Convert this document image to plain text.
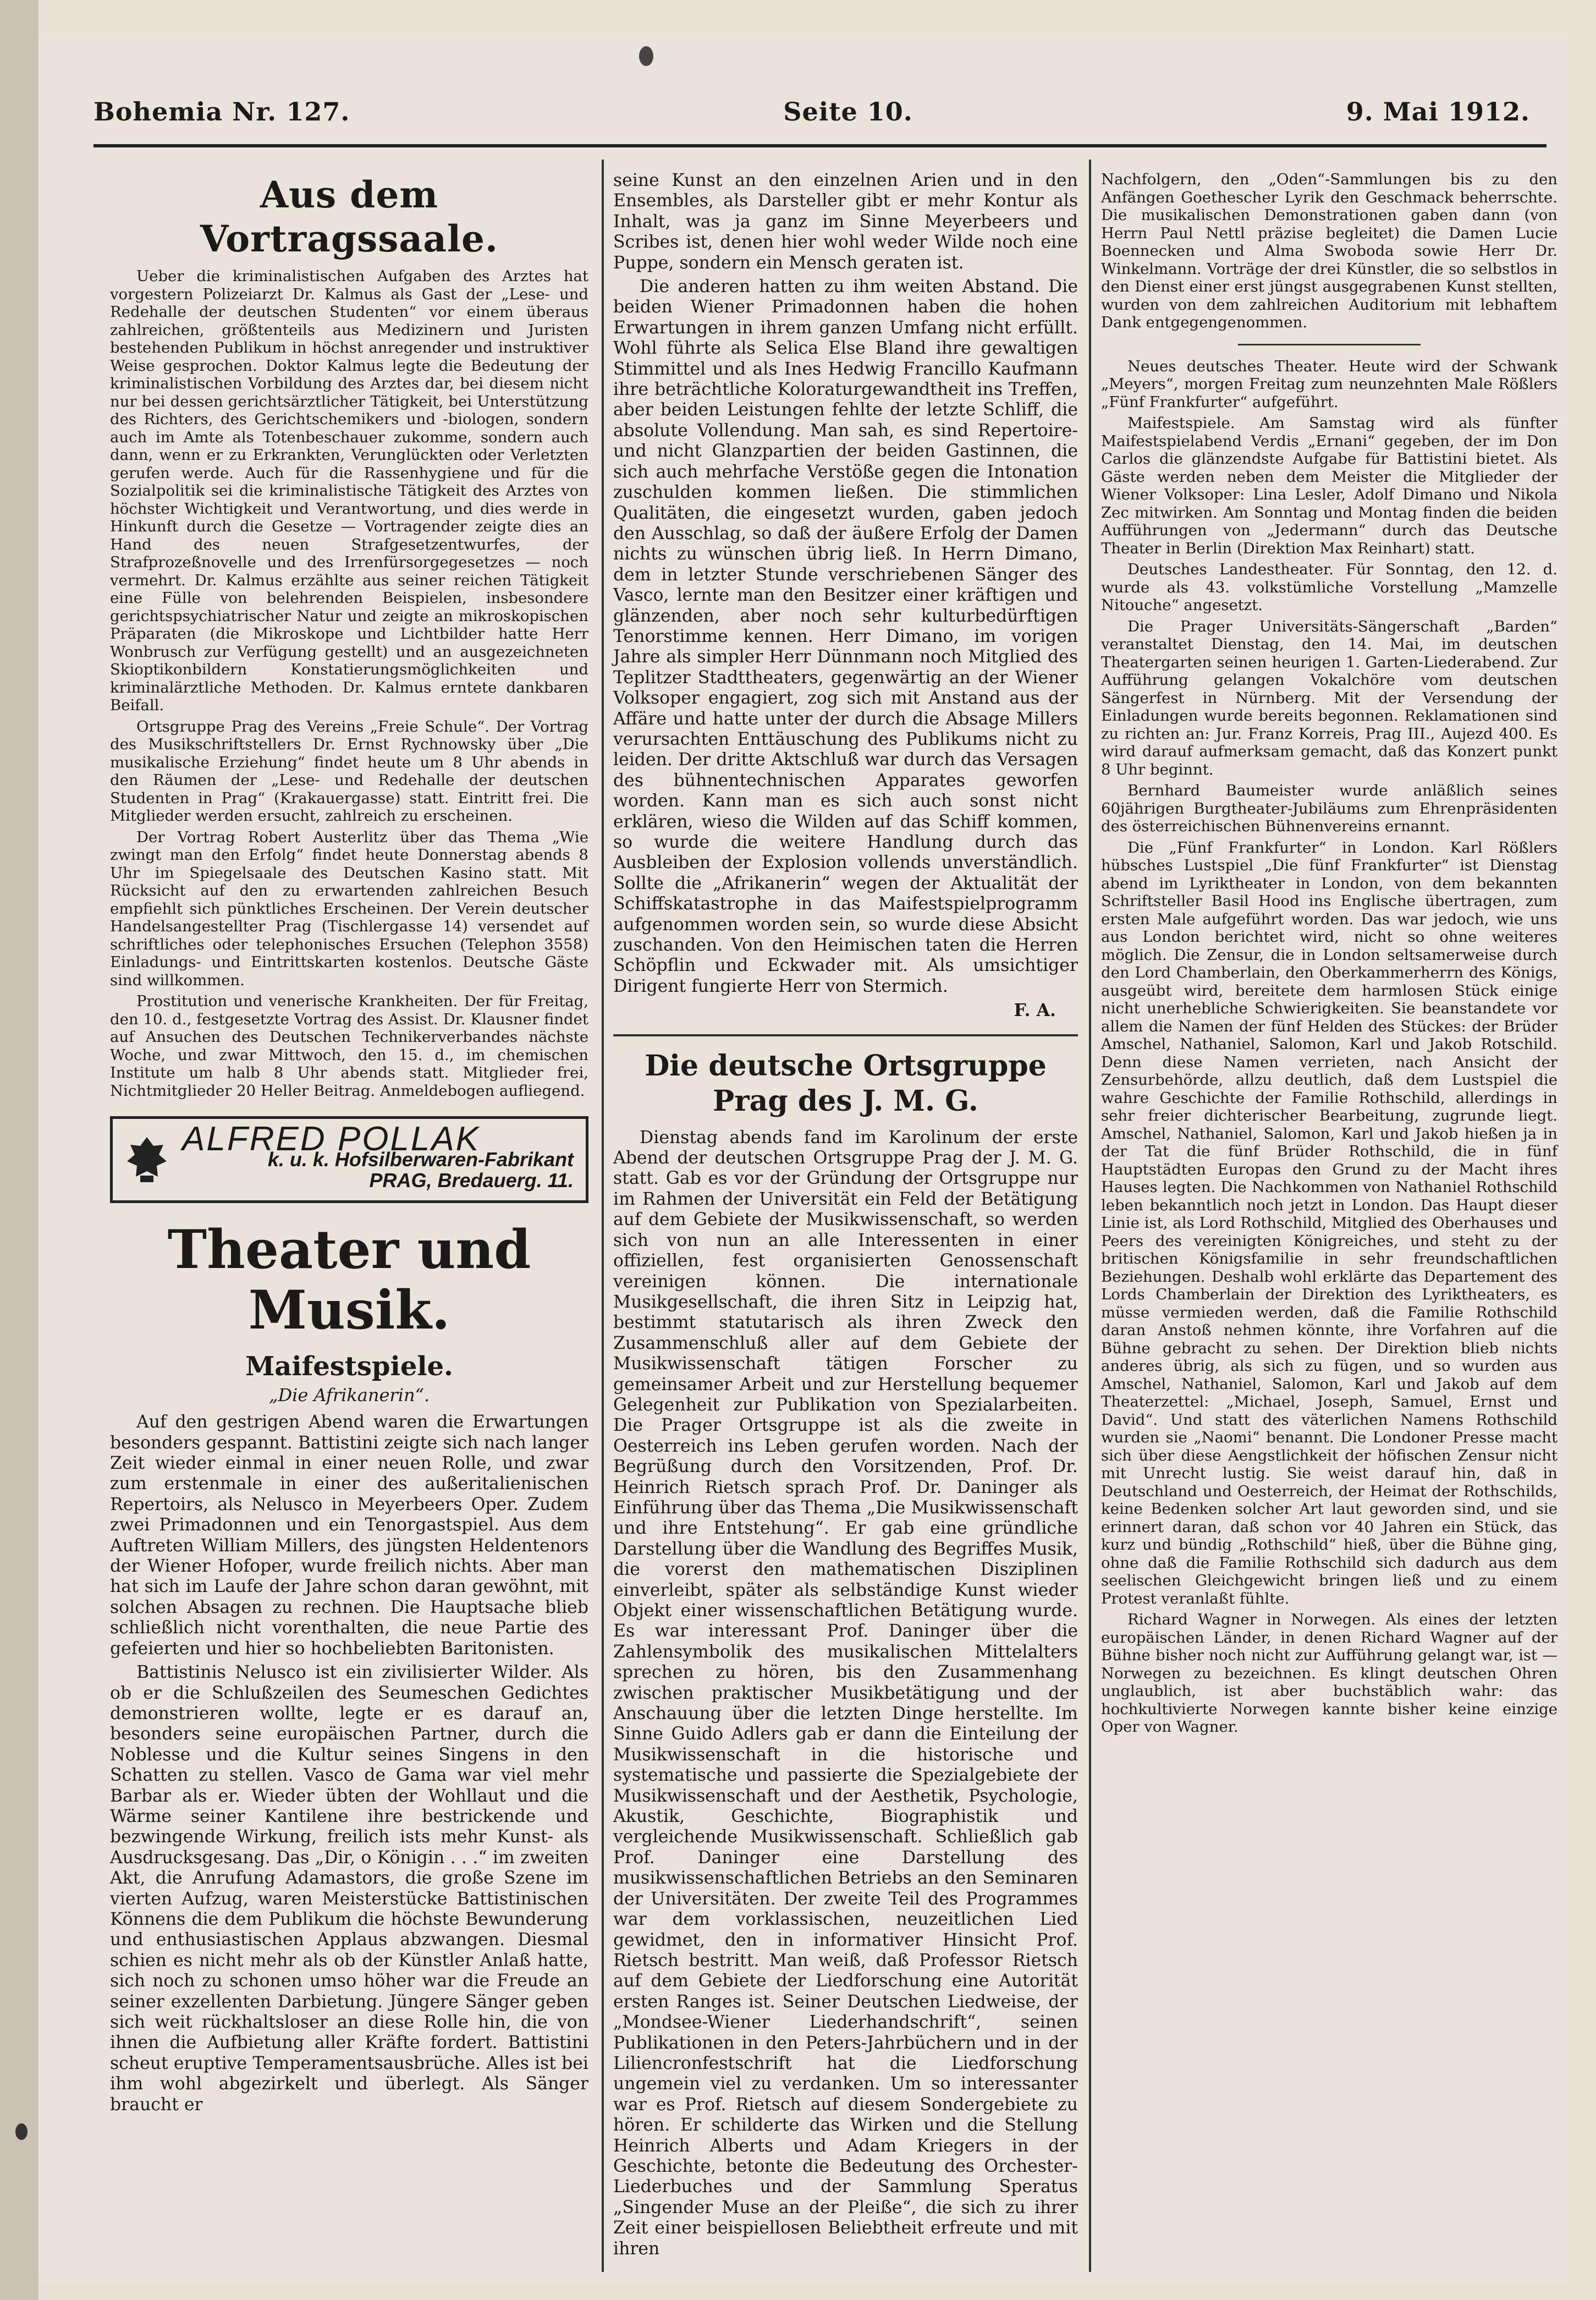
Bohemia Nr. 127.	Seite 10.	9. Mai 1912.
Aus dem Vortragssaale.

Ueber die kriminalistischen Aufgaben des Arztes hat vorgestern Polizeiarzt Dr. Kalmus als Gast der „Lese- und Redehalle der deutschen Studenten“ vor einem überaus zahlreichen, größtenteils aus Medizinern und Juristen bestehenden Publikum in höchst anregender und instruktiver Weise gesprochen. Doktor Kalmus legte die Bedeutung der kriminalistischen Vorbildung des Arztes dar, bei diesem nicht nur bei dessen gerichtsärztlicher Tätigkeit, bei Unterstützung des Richters, des Gerichtschemikers und -biologen, sondern auch im Amte als Totenbeschauer zukomme, sondern auch dann, wenn er zu Erkrankten, Verunglückten oder Verletzten gerufen werde. Auch für die Rassenhygiene und für die Sozialpolitik sei die kriminalistische Tätigkeit des Arztes von höchster Wichtigkeit und Verantwortung, und dies werde in Hinkunft durch die Gesetze — Vortragender zeigte dies an Hand des neuen Strafgesetzentwurfes, der Strafprozeßnovelle und des Irrenfürsorgegesetzes — noch vermehrt. Dr. Kalmus erzählte aus seiner reichen Tätigkeit eine Fülle von belehrenden Beispielen, insbesondere gerichtspsychiatrischer Natur und zeigte an mikroskopischen Präparaten (die Mikroskope und Lichtbilder hatte Herr Wonbrusch zur Verfügung gestellt) und an ausgezeichneten Skioptikonbildern Konstatierungsmöglichkeiten und kriminalärztliche Methoden. Dr. Kalmus erntete dankbaren Beifall.

Ortsgruppe Prag des Vereins „Freie Schule“. Der Vortrag des Musikschriftstellers Dr. Ernst Rychnowsky über „Die musikalische Erziehung“ findet heute um 8 Uhr abends in den Räumen der „Lese- und Redehalle der deutschen Studenten in Prag“ (Krakauergasse) statt. Eintritt frei. Die Mitglieder werden ersucht, zahlreich zu erscheinen.

Der Vortrag Robert Austerlitz über das Thema „Wie zwingt man den Erfolg“ findet heute Donnerstag abends 8 Uhr im Spiegelsaale des Deutschen Kasino statt. Mit Rücksicht auf den zu erwartenden zahlreichen Besuch empfiehlt sich pünktliches Erscheinen. Der Verein deutscher Handelsangestellter Prag (Tischlergasse 14) versendet auf schriftliches oder telephonisches Ersuchen (Telephon 3558) Einladungs- und Eintrittskarten kostenlos. Deutsche Gäste sind willkommen.

Prostitution und venerische Krankheiten. Der für Freitag, den 10. d., festgesetzte Vortrag des Assist. Dr. Klausner findet auf Ansuchen des Deutschen Technikerverbandes nächste Woche, und zwar Mittwoch, den 15. d., im chemischen Institute um halb 8 Uhr abends statt. Mitglieder frei, Nichtmitglieder 20 Heller Beitrag. Anmeldebogen aufliegend.

ALFRED POLLAK
k. u. k. Hofsilberwaren-Fabrikant
PRAG, Bredauerg. 11.
Theater und Musik.
Maifestspiele.
„Die Afrikanerin“.

Auf den gestrigen Abend waren die Erwartungen besonders gespannt. Battistini zeigte sich nach langer Zeit wieder einmal in einer neuen Rolle, und zwar zum erstenmale in einer des außeritalienischen Repertoirs, als Nelusco in Meyerbeers Oper. Zudem zwei Primadonnen und ein Tenorgastspiel. Aus dem Auftreten William Millers, des jüngsten Heldentenors der Wiener Hofoper, wurde freilich nichts. Aber man hat sich im Laufe der Jahre schon daran gewöhnt, mit solchen Absagen zu rechnen. Die Hauptsache blieb schließlich nicht vorenthalten, die neue Partie des gefeierten und hier so hochbeliebten Baritonisten.

Battistinis Nelusco ist ein zivilisierter Wilder. Als ob er die Schlußzeilen des Seumeschen Gedichtes demonstrieren wollte, legte er es darauf an, besonders seine europäischen Partner, durch die Noblesse und die Kultur seines Singens in den Schatten zu stellen. Vasco de Gama war viel mehr Barbar als er. Wieder übten der Wohllaut und die Wärme seiner Kantilene ihre bestrickende und bezwingende Wirkung, freilich ists mehr Kunst- als Ausdrucksgesang. Das „Dir, o Königin . . .“ im zweiten Akt, die Anrufung Adamastors, die große Szene im vierten Aufzug, waren Meisterstücke Battistinischen Könnens die dem Publikum die höchste Bewunderung und enthusiastischen Applaus abzwangen. Diesmal schien es nicht mehr als ob der Künstler Anlaß hatte, sich noch zu schonen umso höher war die Freude an seiner exzellenten Darbietung. Jüngere Sänger geben sich weit rückhaltsloser an diese Rolle hin, die von ihnen die Aufbietung aller Kräfte fordert. Battistini scheut eruptive Temperamentsausbrüche. Alles ist bei ihm wohl abgezirkelt und überlegt. Als Sänger braucht er

seine Kunst an den einzelnen Arien und in den Ensembles, als Darsteller gibt er mehr Kontur als Inhalt, was ja ganz im Sinne Meyerbeers und Scribes ist, denen hier wohl weder Wilde noch eine Puppe, sondern ein Mensch geraten ist.

Die anderen hatten zu ihm weiten Abstand. Die beiden Wiener Primadonnen haben die hohen Erwartungen in ihrem ganzen Umfang nicht erfüllt. Wohl führte als Selica Else Bland ihre gewaltigen Stimmittel und als Ines Hedwig Francillo Kaufmann ihre beträchtliche Koloraturgewandtheit ins Treffen, aber beiden Leistungen fehlte der letzte Schliff, die absolute Vollendung. Man sah, es sind Repertoire- und nicht Glanzpartien der beiden Gastinnen, die sich auch mehrfache Verstöße gegen die Intonation zuschulden kommen ließen. Die stimmlichen Qualitäten, die eingesetzt wurden, gaben jedoch den Ausschlag, so daß der äußere Erfolg der Damen nichts zu wünschen übrig ließ. In Herrn Dimano, dem in letzter Stunde verschriebenen Sänger des Vasco, lernte man den Besitzer einer kräftigen und glänzenden, aber noch sehr kulturbedürftigen Tenorstimme kennen. Herr Dimano, im vorigen Jahre als simpler Herr Dünnmann noch Mitglied des Teplitzer Stadttheaters, gegenwärtig an der Wiener Volksoper engagiert, zog sich mit Anstand aus der Affäre und hatte unter der durch die Absage Millers verursachten Enttäuschung des Publikums nicht zu leiden. Der dritte Aktschluß war durch das Versagen des bühnentechnischen Apparates geworfen worden. Kann man es sich auch sonst nicht erklären, wieso die Wilden auf das Schiff kommen, so wurde die weitere Handlung durch das Ausbleiben der Explosion vollends unverständlich. Sollte die „Afrikanerin“ wegen der Aktualität der Schiffskatastrophe in das Maifestspielprogramm aufgenommen worden sein, so wurde diese Absicht zuschanden. Von den Heimischen taten die Herren Schöpflin und Eckwader mit. Als umsichtiger Dirigent fungierte Herr von Stermich.

F. A.
Die deutsche Ortsgruppe Prag des J. M. G.

Dienstag abends fand im Karolinum der erste Abend der deutschen Ortsgruppe Prag der J. M. G. statt. Gab es vor der Gründung der Ortsgruppe nur im Rahmen der Universität ein Feld der Betätigung auf dem Gebiete der Musikwissenschaft, so werden sich von nun an alle Interessenten in einer offiziellen, fest organisierten Genossenschaft vereinigen können. Die internationale Musikgesellschaft, die ihren Sitz in Leipzig hat, bestimmt statutarisch als ihren Zweck den Zusammenschluß aller auf dem Gebiete der Musikwissenschaft tätigen Forscher zu gemeinsamer Arbeit und zur Herstellung bequemer Gelegenheit zur Publikation von Spezialarbeiten. Die Prager Ortsgruppe ist als die zweite in Oesterreich ins Leben gerufen worden. Nach der Begrüßung durch den Vorsitzenden, Prof. Dr. Heinrich Rietsch sprach Prof. Dr. Daninger als Einführung über das Thema „Die Musikwissenschaft und ihre Entstehung“. Er gab eine gründliche Darstellung über die Wandlung des Begriffes Musik, die vorerst den mathematischen Disziplinen einverleibt, später als selbständige Kunst wieder Objekt einer wissenschaftlichen Betätigung wurde. Es war interessant Prof. Daninger über die Zahlensymbolik des musikalischen Mittelalters sprechen zu hören, bis den Zusammenhang zwischen praktischer Musikbetätigung und der Anschauung über die letzten Dinge herstellte. Im Sinne Guido Adlers gab er dann die Einteilung der Musikwissenschaft in die historische und systematische und passierte die Spezialgebiete der Musikwissenschaft und der Aesthetik, Psychologie, Akustik, Geschichte, Biographistik und vergleichende Musikwissenschaft. Schließlich gab Prof. Daninger eine Darstellung des musikwissenschaftlichen Betriebs an den Seminaren der Universitäten. Der zweite Teil des Programmes war dem vorklassischen, neuzeitlichen Lied gewidmet, den in informativer Hinsicht Prof. Rietsch bestritt. Man weiß, daß Professor Rietsch auf dem Gebiete der Liedforschung eine Autorität ersten Ranges ist. Seiner Deutschen Liedweise, der „Mondsee-Wiener Liederhandschrift“, seinen Publikationen in den Peters-Jahrbüchern und in der Liliencronfestschrift hat die Liedforschung ungemein viel zu verdanken. Um so interessanter war es Prof. Rietsch auf diesem Sondergebiete zu hören. Er schilderte das Wirken und die Stellung Heinrich Alberts und Adam Kriegers in der Geschichte, betonte die Bedeutung des Orchester-Liederbuches und der Sammlung Speratus „Singender Muse an der Pleiße“, die sich zu ihrer Zeit einer beispiellosen Beliebtheit erfreute und mit ihren

Nachfolgern, den „Oden“-Sammlungen bis zu den Anfängen Goethescher Lyrik den Geschmack beherrschte. Die musikalischen Demonstrationen gaben dann (von Herrn Paul Nettl präzise begleitet) die Damen Lucie Boennecken und Alma Swoboda sowie Herr Dr. Winkelmann. Vorträge der drei Künstler, die so selbstlos in den Dienst einer erst jüngst ausgegrabenen Kunst stellten, wurden von dem zahlreichen Auditorium mit lebhaftem Dank entgegengenommen.

Neues deutsches Theater. Heute wird der Schwank „Meyers“, morgen Freitag zum neunzehnten Male Rößlers „Fünf Frankfurter“ aufgeführt.

Maifestspiele. Am Samstag wird als fünfter Maifestspielabend Verdis „Ernani“ gegeben, der im Don Carlos die glänzendste Aufgabe für Battistini bietet. Als Gäste werden neben dem Meister die Mitglieder der Wiener Volksoper: Lina Lesler, Adolf Dimano und Nikola Zec mitwirken. Am Sonntag und Montag finden die beiden Aufführungen von „Jedermann“ durch das Deutsche Theater in Berlin (Direktion Max Reinhart) statt.

Deutsches Landestheater. Für Sonntag, den 12. d. wurde als 43. volkstümliche Vorstellung „Mamzelle Nitouche“ angesetzt.

Die Prager Universitäts-Sängerschaft „Barden“ veranstaltet Dienstag, den 14. Mai, im deutschen Theatergarten seinen heurigen 1. Garten-Liederabend. Zur Aufführung gelangen Vokalchöre vom deutschen Sängerfest in Nürnberg. Mit der Versendung der Einladungen wurde bereits begonnen. Reklamationen sind zu richten an: Jur. Franz Korreis, Prag III., Aujezd 400. Es wird darauf aufmerksam gemacht, daß das Konzert punkt 8 Uhr beginnt.

Bernhard Baumeister wurde anläßlich seines 60jährigen Burgtheater-Jubiläums zum Ehrenpräsidenten des österreichischen Bühnenvereins ernannt.

Die „Fünf Frankfurter“ in London. Karl Rößlers hübsches Lustspiel „Die fünf Frankfurter“ ist Dienstag abend im Lyriktheater in London, von dem bekannten Schriftsteller Basil Hood ins Englische übertragen, zum ersten Male aufgeführt worden. Das war jedoch, wie uns aus London berichtet wird, nicht so ohne weiteres möglich. Die Zensur, die in London seltsamerweise durch den Lord Chamberlain, den Oberkammerherrn des Königs, ausgeübt wird, bereitete dem harmlosen Stück einige nicht unerhebliche Schwierigkeiten. Sie beanstandete vor allem die Namen der fünf Helden des Stückes: der Brüder Amschel, Nathaniel, Salomon, Karl und Jakob Rotschild. Denn diese Namen verrieten, nach Ansicht der Zensurbehörde, allzu deutlich, daß dem Lustspiel die wahre Geschichte der Familie Rothschild, allerdings in sehr freier dichterischer Bearbeitung, zugrunde liegt. Amschel, Nathaniel, Salomon, Karl und Jakob hießen ja in der Tat die fünf Brüder Rothschild, die in fünf Hauptstädten Europas den Grund zu der Macht ihres Hauses legten. Die Nachkommen von Nathaniel Rothschild leben bekanntlich noch jetzt in London. Das Haupt dieser Linie ist, als Lord Rothschild, Mitglied des Oberhauses und Peers des vereinigten Königreiches, und steht zu der britischen Königsfamilie in sehr freundschaftlichen Beziehungen. Deshalb wohl erklärte das Departement des Lords Chamberlain der Direktion des Lyriktheaters, es müsse vermieden werden, daß die Familie Rothschild daran Anstoß nehmen könnte, ihre Vorfahren auf die Bühne gebracht zu sehen. Der Direktion blieb nichts anderes übrig, als sich zu fügen, und so wurden aus Amschel, Nathaniel, Salomon, Karl und Jakob auf dem Theaterzettel: „Michael, Joseph, Samuel, Ernst und David“. Und statt des väterlichen Namens Rothschild wurden sie „Naomi“ benannt. Die Londoner Presse macht sich über diese Aengstlichkeit der höfischen Zensur nicht mit Unrecht lustig. Sie weist darauf hin, daß in Deutschland und Oesterreich, der Heimat der Rothschilds, keine Bedenken solcher Art laut geworden sind, und sie erinnert daran, daß schon vor 40 Jahren ein Stück, das kurz und bündig „Rothschild“ hieß, über die Bühne ging, ohne daß die Familie Rothschild sich dadurch aus dem seelischen Gleichgewicht bringen ließ und zu einem Protest veranlaßt fühlte.

Richard Wagner in Norwegen. Als eines der letzten europäischen Länder, in denen Richard Wagner auf der Bühne bisher noch nicht zur Aufführung gelangt war, ist — Norwegen zu bezeichnen. Es klingt deutschen Ohren unglaublich, ist aber buchstäblich wahr: das hochkultivierte Norwegen kannte bisher keine einzige Oper von Wagner.
